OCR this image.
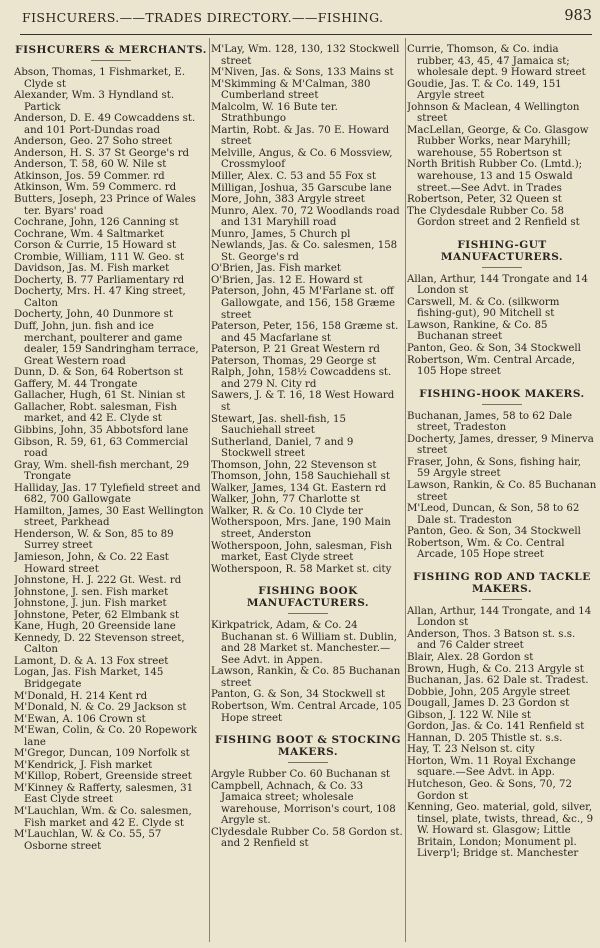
FISHCURERS.——TRADES DIRECTORY.——FISHING.	983
FISHCURERS & MERCHANTS.
Abson, Thomas, 1 Fishmarket, E. Clyde st
Alexander, Wm. 3 Hyndland st. Partick
Anderson, D. E. 49 Cowcaddens st. and 101 Port-Dundas road
Anderson, Geo. 27 Soho street
Anderson, H. S. 37 St George's rd
Anderson, T. 58, 60 W. Nile st
Atkinson, Jos. 59 Commer. rd
Atkinson, Wm. 59 Commerc. rd
Butters, Joseph, 23 Prince of Wales ter. Byars' road
Cochrane, John, 126 Canning st
Cochrane, Wm. 4 Saltmarket
Corson & Currie, 15 Howard st
Crombie, William, 111 W. Geo. st
Davidson, Jas. M. Fish market
Docherty, B. 77 Parliamentary rd
Docherty, Mrs. H. 47 King street, Calton
Docherty, John, 40 Dunmore st
Duff, John, jun. fish and ice merchant, poulterer and game dealer, 159 Sandringham terrace, Great Western road
Dunn, D. & Son, 64 Robertson st
Gaffery, M. 44 Trongate
Gallacher, Hugh, 61 St. Ninian st
Gallacher, Robt. salesman, Fish market, and 42 E. Clyde st
Gibbins, John, 35 Abbotsford lane
Gibson, R. 59, 61, 63 Commercial road
Gray, Wm. shell-fish merchant, 29 Trongate
Halliday, Jas. 17 Tylefield street and 682, 700 Gallowgate
Hamilton, James, 30 East Wellington street, Parkhead
Henderson, W. & Son, 85 to 89 Surrey street
Jamieson, John, & Co. 22 East Howard street
Johnstone, H. J. 222 Gt. West. rd
Johnstone, J. sen. Fish market
Johnstone, J. jun. Fish market
Johnstone, Peter, 62 Elmbank st
Kane, Hugh, 20 Greenside lane
Kennedy, D. 22 Stevenson street, Calton
Lamont, D. & A. 13 Fox street
Logan, Jas. Fish Market, 145 Bridgegate
M'Donald, H. 214 Kent rd
M'Donald, N. & Co. 29 Jackson st
M'Ewan, A. 106 Crown st
M'Ewan, Colin, & Co. 20 Ropework lane
M'Gregor, Duncan, 109 Norfolk st
M'Kendrick, J. Fish market
M'Killop, Robert, Greenside street
M'Kinney & Rafferty, salesmen, 31 East Clyde street
M'Lauchlan, Wm. & Co. salesmen, Fish market and 42 E. Clyde st
M'Lauchlan, W. & Co. 55, 57 Osborne street
M'Lay, Wm. 128, 130, 132 Stockwell street
M'Niven, Jas. & Sons, 133 Mains st
M'Skimming & M'Calman, 380 Cumberland street
Malcolm, W. 16 Bute ter. Strathbungo
Martin, Robt. & Jas. 70 E. Howard street
Melville, Angus, & Co. 6 Mossview, Crossmyloof
Miller, Alex. C. 53 and 55 Fox st
Milligan, Joshua, 35 Garscube lane
More, John, 383 Argyle street
Munro, Alex. 70, 72 Woodlands road and 131 Maryhill road
Munro, James, 5 Church pl
Newlands, Jas. & Co. salesmen, 158 St. George's rd
O'Brien, Jas. Fish market
O'Brien, Jas. 12 E. Howard st
Paterson, John, 45 M'Farlane st. off Gallowgate, and 156, 158 Græme street
Paterson, Peter, 156, 158 Græme st. and 45 Macfarlane st
Paterson, P. 21 Great Western rd
Paterson, Thomas, 29 George st
Ralph, John, 158½ Cowcaddens st. and 279 N. City rd
Sawers, J. & T. 16, 18 West Howard st
Stewart, Jas. shell-fish, 15 Sauchiehall street
Sutherland, Daniel, 7 and 9 Stockwell street
Thomson, John, 22 Stevenson st
Thomson, John, 158 Sauchiehall st
Walker, James, 134 Gt. Eastern rd
Walker, John, 77 Charlotte st
Walker, R. & Co. 10 Clyde ter
Wotherspoon, Mrs. Jane, 190 Main street, Anderston
Wotherspoon, John, salesman, Fish market, East Clyde street
Wotherspoon, R. 58 Market st. city
FISHING BOOK MANUFACTURERS.
Kirkpatrick, Adam, & Co. 24 Buchanan st. 6 William st. Dublin, and 28 Market st. Manchester.—See Advt. in Appen.
Lawson, Rankin, & Co. 85 Buchanan street
Panton, G. & Son, 34 Stockwell st
Robertson, Wm. Central Arcade, 105 Hope street
FISHING BOOT & STOCKING MAKERS.
Argyle Rubber Co. 60 Buchanan st
Campbell, Achnach, & Co. 33 Jamaica street; wholesale warehouse, Morrison's court, 108 Argyle st.
Clydesdale Rubber Co. 58 Gordon st. and 2 Renfield st
Currie, Thomson, & Co. india rubber, 43, 45, 47 Jamaica st; wholesale dept. 9 Howard street
Goudie, Jas. T. & Co. 149, 151 Argyle street
Johnson & Maclean, 4 Wellington street
MacLellan, George, & Co. Glasgow Rubber Works, near Maryhill; warehouse, 55 Robertson st
North British Rubber Co. (Lmtd.); warehouse, 13 and 15 Oswald street.—See Advt. in Trades
Robertson, Peter, 32 Queen st
The Clydesdale Rubber Co. 58 Gordon street and 2 Renfield st
FISHING-GUT MANUFACTURERS.
Allan, Arthur, 144 Trongate and 14 London st
Carswell, M. & Co. (silkworm fishing-gut), 90 Mitchell st
Lawson, Rankine, & Co. 85 Buchanan street
Panton, Geo. & Son, 34 Stockwell
Robertson, Wm. Central Arcade, 105 Hope street
FISHING-HOOK MAKERS.
Buchanan, James, 58 to 62 Dale street, Tradeston
Docherty, James, dresser, 9 Minerva street
Fraser, John, & Sons, fishing hair, 59 Argyle street
Lawson, Rankin, & Co. 85 Buchanan street
M'Leod, Duncan, & Son, 58 to 62 Dale st. Tradeston
Panton, Geo. & Son, 34 Stockwell
Robertson, Wm. & Co. Central Arcade, 105 Hope street
FISHING ROD AND TACKLE MAKERS.
Allan, Arthur, 144 Trongate, and 14 London st
Anderson, Thos. 3 Batson st. s.s. and 76 Calder street
Blair, Alex. 28 Gordon st
Brown, Hugh, & Co. 213 Argyle st
Buchanan, Jas. 62 Dale st. Tradest.
Dobbie, John, 205 Argyle street
Dougall, James D. 23 Gordon st
Gibson, J. 122 W. Nile st
Gordon, Jas. & Co. 141 Renfield st
Hannan, D. 205 Thistle st. s.s.
Hay, T. 23 Nelson st. city
Horton, Wm. 11 Royal Exchange square.—See Advt. in App.
Hutcheson, Geo. & Sons, 70, 72 Gordon st
Kenning, Geo. material, gold, silver, tinsel, plate, twists, thread, &c., 9 W. Howard st. Glasgow; Little Britain, London; Monument pl. Liverp'l; Bridge st. Manchester
